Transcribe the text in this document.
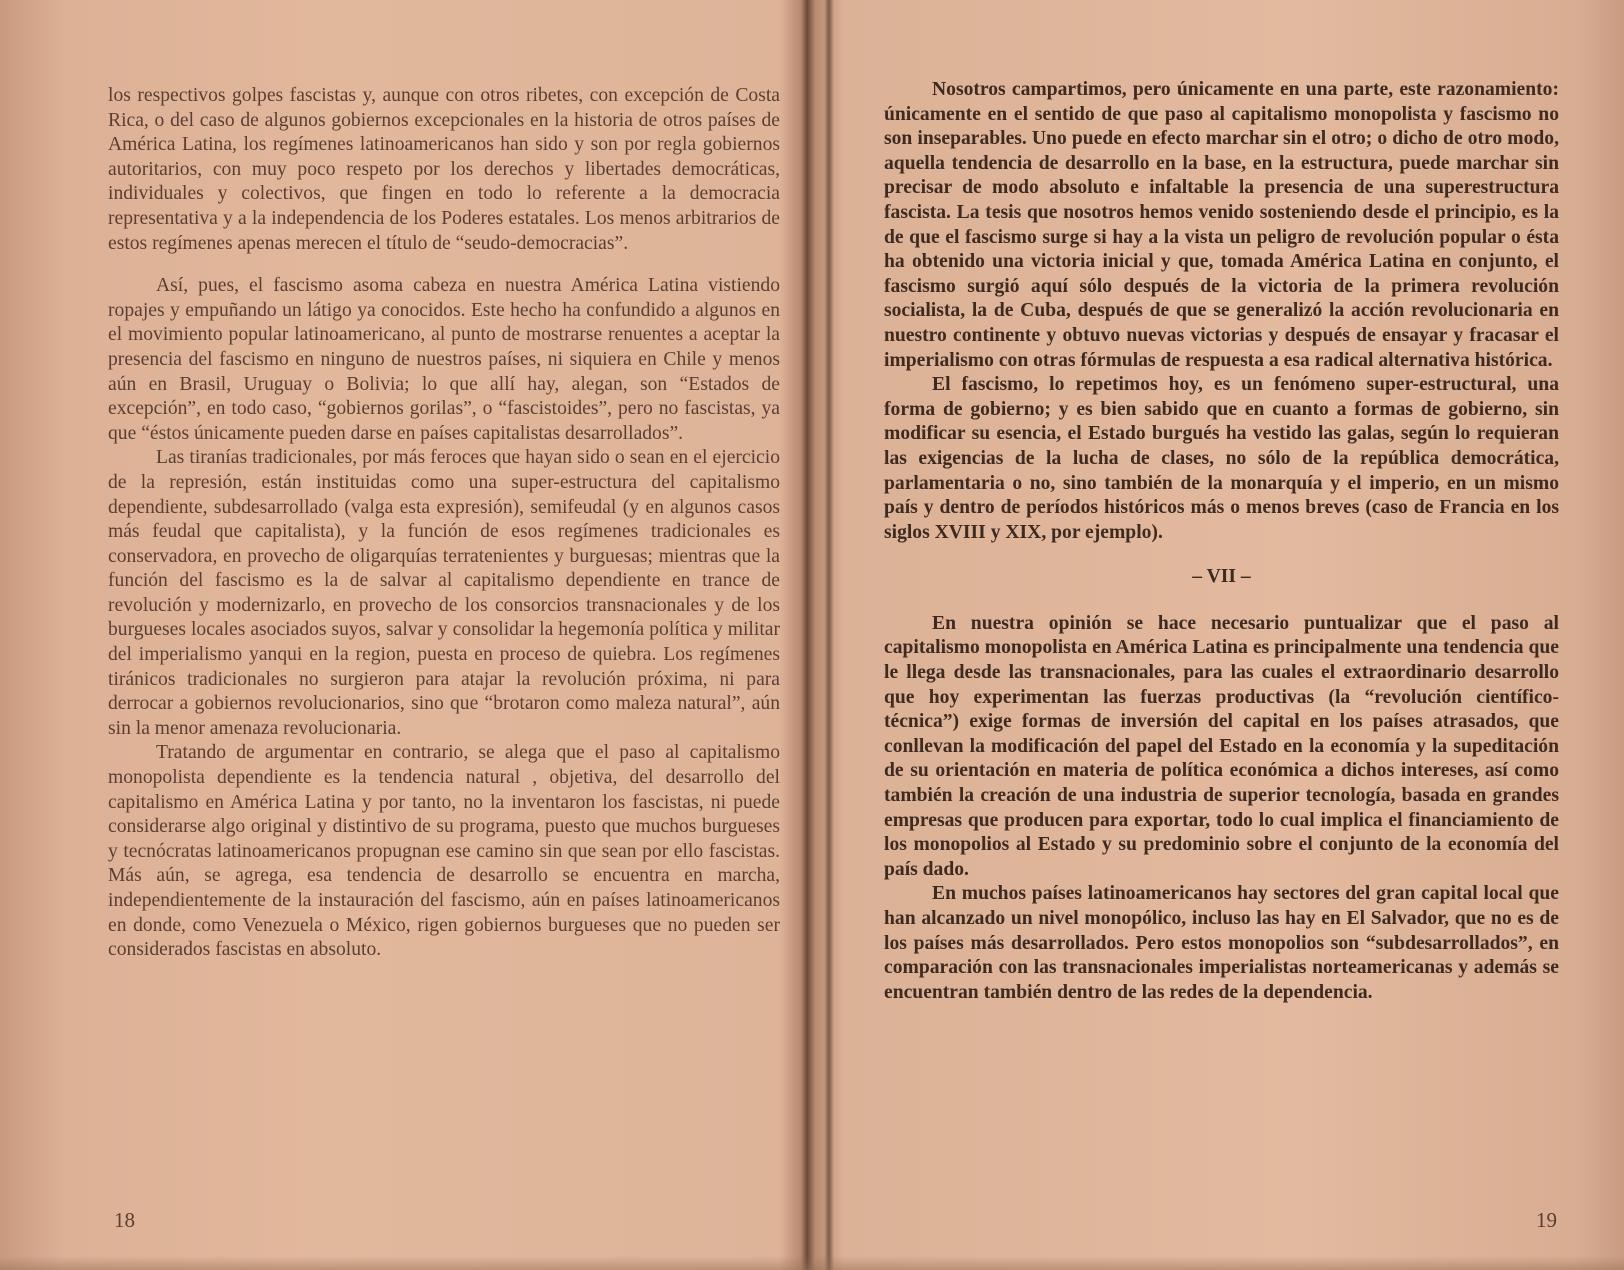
los respectivos golpes fascistas y, aunque con otros ribetes, con excepción de Costa Rica, o del caso de algunos gobiernos excepcionales en la historia de otros países de América Latina, los regímenes latinoamericanos han sido y son por regla gobiernos autoritarios, con muy poco respeto por los derechos y libertades democráticas, individuales y colectivos, que fingen en todo lo referente a la democracia representativa y a la independencia de los Poderes estatales. Los menos arbitrarios de estos regímenes apenas merecen el título de “seudo-democracias”.

Así, pues, el fascismo asoma cabeza en nuestra América Latina vistiendo ropajes y empuñando un látigo ya conocidos. Este hecho ha confundido a algunos en el movimiento popular latinoamericano, al punto de mostrarse renuentes a aceptar la presencia del fascismo en ninguno de nuestros países, ni siquiera en Chile y menos aún en Brasil, Uruguay o Bolivia; lo que allí hay, alegan, son “Estados de excepción”, en todo caso, “gobiernos gorilas”, o “fascistoides”, pero no fascistas, ya que “éstos únicamente pueden darse en países capitalistas desarrollados”.

Las tiranías tradicionales, por más feroces que hayan sido o sean en el ejercicio de la represión, están instituidas como una super-estructura del capitalismo dependiente, subdesarrollado (valga esta expresión), semifeudal (y en algunos casos más feudal que capitalista), y la función de esos regímenes tradicionales es conservadora, en provecho de oligarquías terratenientes y burguesas; mientras que la función del fascismo es la de salvar al capitalismo dependiente en trance de revolución y modernizarlo, en provecho de los consorcios transnacionales y de los burgueses locales asociados suyos, salvar y consolidar la hegemonía política y militar del imperialismo yanqui en la region, puesta en proceso de quiebra. Los regímenes tiránicos tradicionales no surgieron para atajar la revolución próxima, ni para derrocar a gobiernos revolucionarios, sino que “brotaron como maleza natural”, aún sin la menor amenaza revolucionaria.

Tratando de argumentar en contrario, se alega que el paso al capitalismo monopolista dependiente es la tendencia natural , objetiva, del desarrollo del capitalismo en América Latina y por tanto, no la inventaron los fascistas, ni puede considerarse algo original y distintivo de su programa, puesto que muchos burgueses y tecnócratas latinoamericanos propugnan ese camino sin que sean por ello fascistas. Más aún, se agrega, esa tendencia de desarrollo se encuentra en marcha, independientemente de la instauración del fascismo, aún en países latinoamericanos en donde, como Venezuela o México, rigen gobiernos burgueses que no pueden ser considerados fascistas en absoluto.

18

Nosotros campartimos, pero únicamente en una parte, este razonamiento: únicamente en el sentido de que paso al capitalismo monopolista y fascismo no son inseparables. Uno puede en efecto marchar sin el otro; o dicho de otro modo, aquella tendencia de desarrollo en la base, en la estructura, puede marchar sin precisar de modo absoluto e infaltable la presencia de una superestructura fascista. La tesis que nosotros hemos venido sosteniendo desde el principio, es la de que el fascismo surge si hay a la vista un peligro de revolución popular o ésta ha obtenido una victoria inicial y que, tomada América Latina en conjunto, el fascismo surgió aquí sólo después de la victoria de la primera revolución socialista, la de Cuba, después de que se generalizó la acción revolucionaria en nuestro continente y obtuvo nuevas victorias y después de ensayar y fracasar el imperialismo con otras fórmulas de respuesta a esa radical alternativa histórica.

El fascismo, lo repetimos hoy, es un fenómeno super-estructural, una forma de gobierno; y es bien sabido que en cuanto a formas de gobierno, sin modificar su esencia, el Estado burgués ha vestido las galas, según lo requieran las exigencias de la lucha de clases, no sólo de la república democrática, parlamentaria o no, sino también de la monarquía y el imperio, en un mismo país y dentro de períodos históricos más o menos breves (caso de Francia en los siglos XVIII y XIX, por ejemplo).

– VII –

En nuestra opinión se hace necesario puntualizar que el paso al capitalismo monopolista en América Latina es principalmente una tendencia que le llega desde las transnacionales, para las cuales el extraordinario desarrollo que hoy experimentan las fuerzas productivas (la “revolución científico-técnica”) exige formas de inversión del capital en los países atrasados, que conllevan la modificación del papel del Estado en la economía y la supeditación de su orientación en materia de política económica a dichos intereses, así como también la creación de una industria de superior tecnología, basada en grandes empresas que producen para exportar, todo lo cual implica el financiamiento de los monopolios al Estado y su predominio sobre el conjunto de la economía del país dado.

En muchos países latinoamericanos hay sectores del gran capital local que han alcanzado un nivel monopólico, incluso las hay en El Salvador, que no es de los países más desarrollados. Pero estos monopolios son “subdesarrollados”, en comparación con las transnacionales imperialistas norteamericanas y además se encuentran también dentro de las redes de la dependencia.

19
